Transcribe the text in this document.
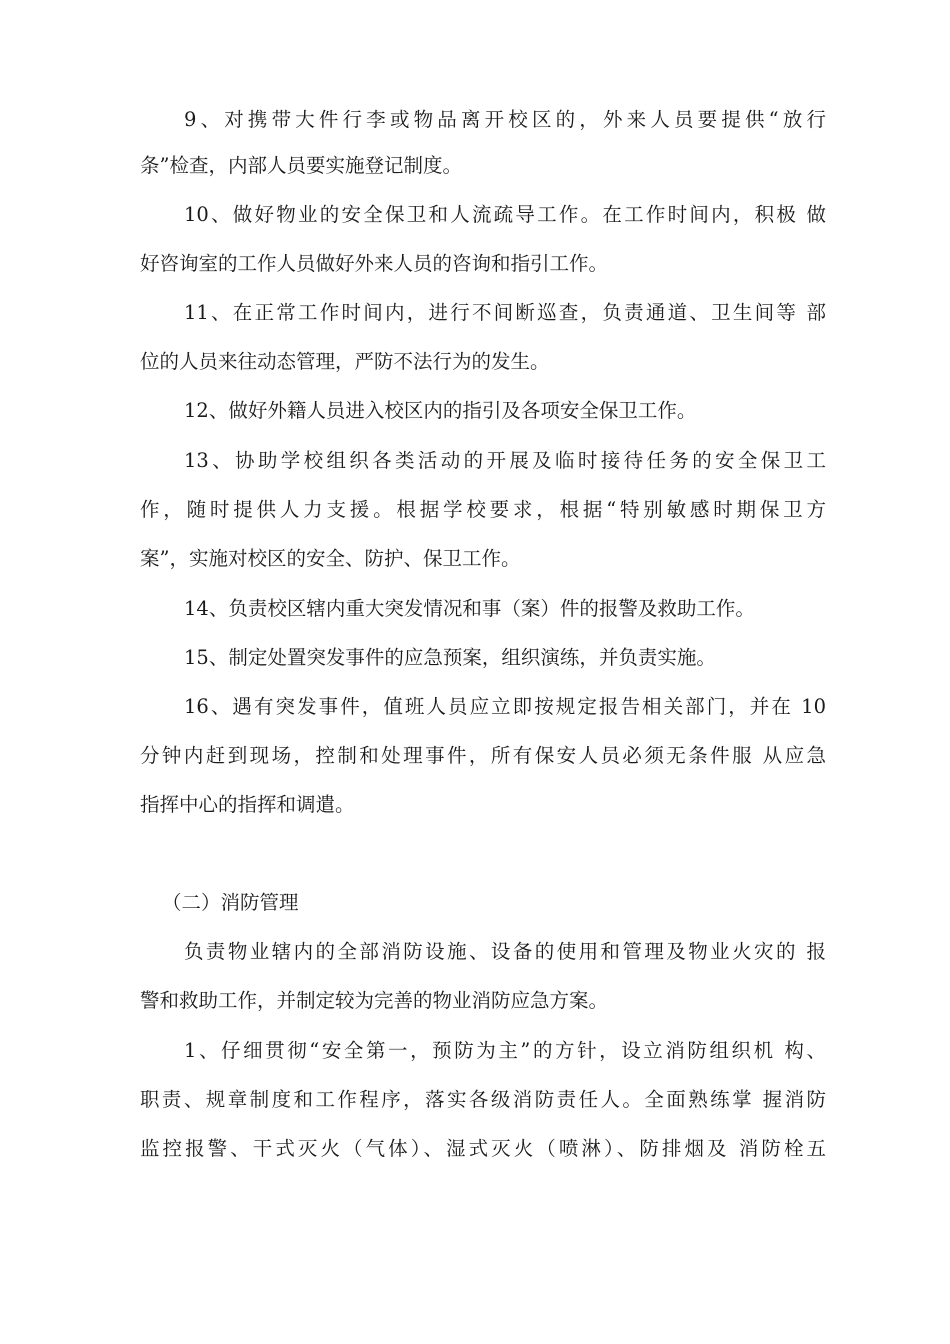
9、对携带大件行李或物品离开校区的，外来人员要提供“放行
条”检查，内部人员要实施登记制度。
10、做好物业的安全保卫和人流疏导工作。在工作时间内，积极 做
好咨询室的工作人员做好外来人员的咨询和指引工作。
11、在正常工作时间内，进行不间断巡查，负责通道、卫生间等 部
位的人员来往动态管理，严防不法行为的发生。
12、做好外籍人员进入校区内的指引及各项安全保卫工作。
13、协助学校组织各类活动的开展及临时接待任务的安全保卫工
作，随时提供人力支援。根据学校要求，根据“特别敏感时期保卫方
案”，实施对校区的安全、防护、保卫工作。
14、负责校区辖内重大突发情况和事（案）件的报警及救助工作。
15、制定处置突发事件的应急预案，组织演练，并负责实施。
16、遇有突发事件，值班人员应立即按规定报告相关部门，并在 10
分钟内赶到现场，控制和处理事件，所有保安人员必须无条件服 从应急
指挥中心的指挥和调遣。
（二）消防管理
负责物业辖内的全部消防设施、设备的使用和管理及物业火灾的 报
警和救助工作，并制定较为完善的物业消防应急方案。
1、仔细贯彻“安全第一，预防为主”的方针，设立消防组织机 构、
职责、规章制度和工作程序，落实各级消防责任人。全面熟练掌 握消防
监控报警、干式灭火（气体）、湿式灭火（喷淋）、防排烟及 消防栓五
